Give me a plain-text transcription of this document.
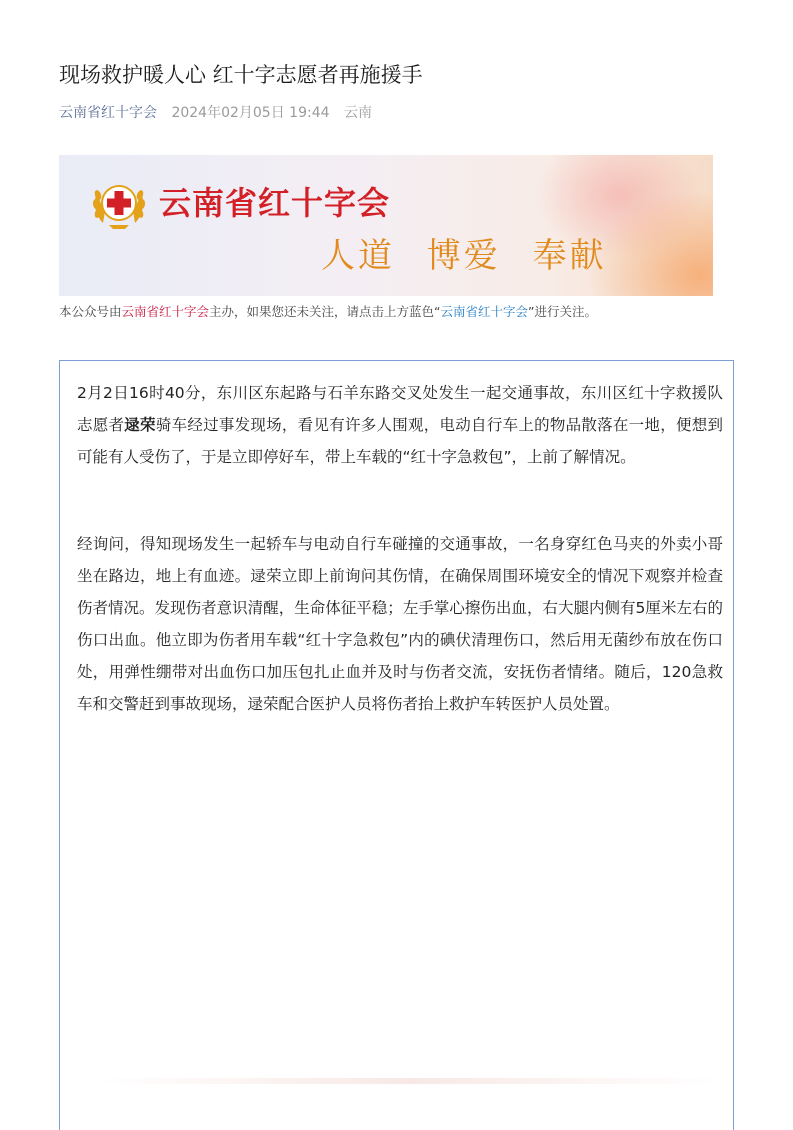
现场救护暖人心 红十字志愿者再施援手
云南省红十字会 2024年02月05日 19:44 云南
云南省红十字会
人道 博爱 奉献
本公众号由云南省红十字会主办，如果您还未关注，请点击上方蓝色“云南省红十字会”进行关注。

2月2日16时40分，东川区东起路与石羊东路交叉处发生一起交通事故，东川区红十字救援队志愿者逯荣骑车经过事发现场，看见有许多人围观，电动自行车上的物品散落在一地，便想到可能有人受伤了，于是立即停好车，带上车载的“红十字急救包”，上前了解情况。

经询问，得知现场发生一起轿车与电动自行车碰撞的交通事故，一名身穿红色马夹的外卖小哥坐在路边，地上有血迹。逯荣立即上前询问其伤情，在确保周围环境安全的情况下观察并检查伤者情况。发现伤者意识清醒，生命体征平稳；左手掌心擦伤出血，右大腿内侧有5厘米左右的伤口出血。他立即为伤者用车载“红十字急救包”内的碘伏清理伤口，然后用无菌纱布放在伤口处，用弹性绷带对出血伤口加压包扎止血并及时与伤者交流，安抚伤者情绪。随后，120急救车和交警赶到事故现场，逯荣配合医护人员将伤者抬上救护车转医护人员处置。
